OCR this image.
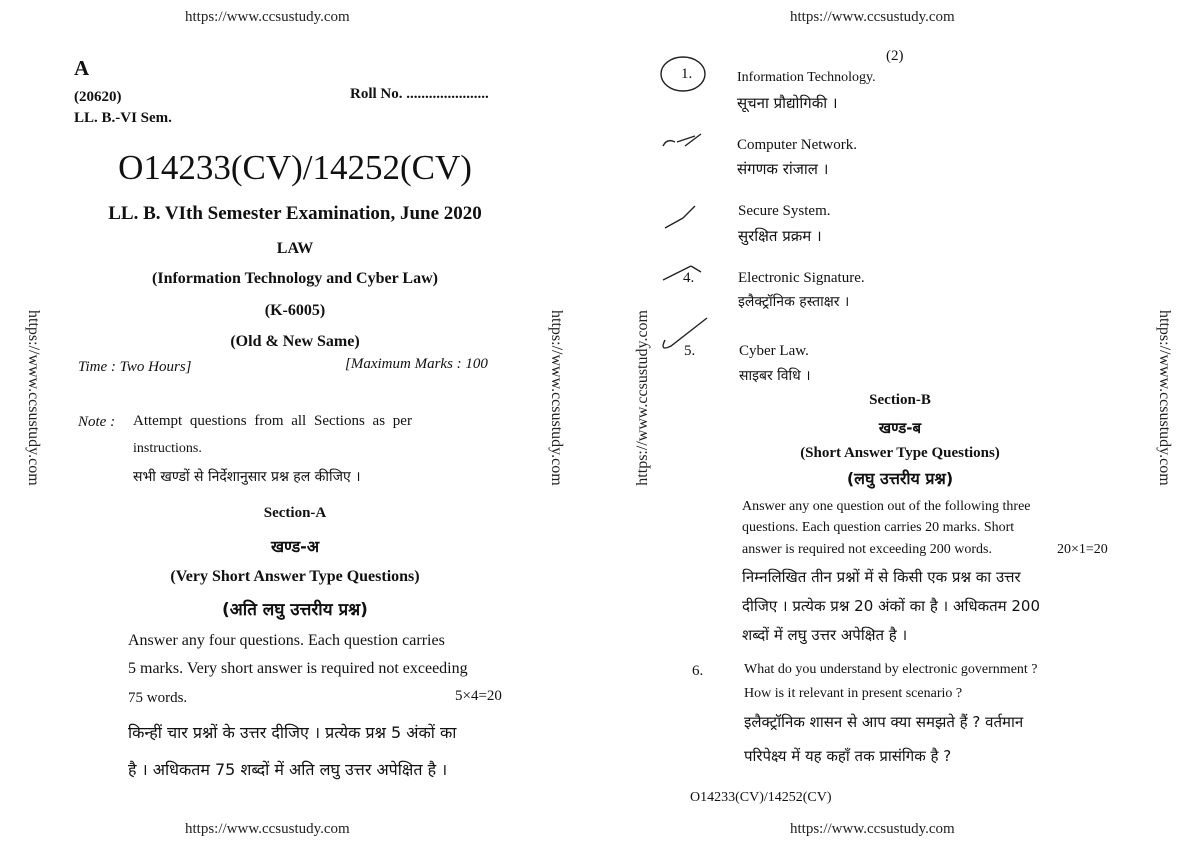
https://www.ccsustudy.com	https://www.ccsustudy.com
https://www.ccsustudy.com	https://www.ccsustudy.com
https://www.ccsustudy.com	https://www.ccsustudy.com	https://www.ccsustudy.com	https://www.ccsustudy.com
A
(20620)	Roll No. ......................
LL. B.-VI Sem.
O14233(CV)/14252(CV)
LL. B. VIth Semester Examination, June 2020
LAW
(Information Technology and Cyber Law)
(K-6005)
(Old & New Same)
Time : Two Hours]	[Maximum Marks : 100
Note : Attempt questions from all Sections as per
instructions.
सभी खण्डों से निर्देशानुसार प्रश्न हल कीजिए ।
Section-A
खण्ड-अ
(Very Short Answer Type Questions)
(अति लघु उत्तरीय प्रश्न)
Answer any four questions. Each question carries
5 marks. Very short answer is required not exceeding
75 words.	5×4=20
किन्हीं चार प्रश्नों के उत्तर दीजिए । प्रत्येक प्रश्न 5 अंकों का
है । अधिकतम 75 शब्दों में अति लघु उत्तर अपेक्षित है ।
(2)
1.	Information Technology.
सूचना प्रौद्योगिकी ।
Computer Network.
संगणक रांजाल ।
Secure System.
सुरक्षित प्रक्रम ।
4.	Electronic Signature.
इलैक्ट्रॉनिक हस्ताक्षर ।
5.	Cyber Law.
साइबर विधि ।
Section-B
खण्ड-ब
(Short Answer Type Questions)
(लघु उत्तरीय प्रश्न)
Answer any one question out of the following three
questions. Each question carries 20 marks. Short
answer is required not exceeding 200 words.	20×1=20
निम्नलिखित तीन प्रश्नों में से किसी एक प्रश्न का उत्तर
दीजिए । प्रत्येक प्रश्न 20 अंकों का है । अधिकतम 200
शब्दों में लघु उत्तर अपेक्षित है ।
6.	What do you understand by electronic government ?
How is it relevant in present scenario ?
इलैक्ट्रॉनिक शासन से आप क्या समझते हैं ? वर्तमान
परिपेक्ष्य में यह कहाँ तक प्रासंगिक है ?
O14233(CV)/14252(CV)
